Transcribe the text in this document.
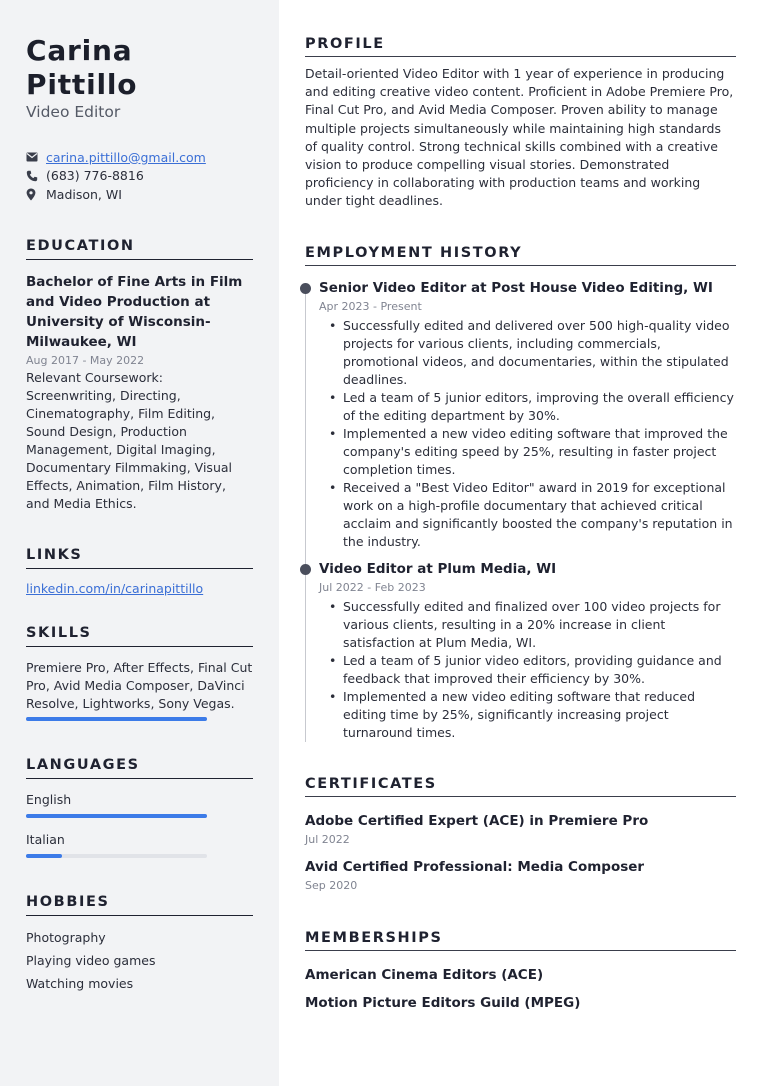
Carina Pittillo
Video Editor
carina.pittillo@gmail.com
(683) 776-8816
Madison, WI
EDUCATION
Bachelor of Fine Arts in Film and Video Production at University of Wisconsin-Milwaukee, WI
Aug 2017 - May 2022
Relevant Coursework: Screenwriting, Directing, Cinematography, Film Editing, Sound Design, Production Management, Digital Imaging, Documentary Filmmaking, Visual Effects, Animation, Film History, and Media Ethics.
LINKS
linkedin.com/in/carinapittillo
SKILLS
Premiere Pro, After Effects, Final Cut Pro, Avid Media Composer, DaVinci Resolve, Lightworks, Sony Vegas.
LANGUAGES
English
Italian
HOBBIES
Photography
Playing video games
Watching movies
PROFILE
Detail-oriented Video Editor with 1 year of experience in producing and editing creative video content. Proficient in Adobe Premiere Pro, Final Cut Pro, and Avid Media Composer. Proven ability to manage multiple projects simultaneously while maintaining high standards of quality control. Strong technical skills combined with a creative vision to produce compelling visual stories. Demonstrated proficiency in collaborating with production teams and working under tight deadlines.
EMPLOYMENT HISTORY
Senior Video Editor at Post House Video Editing, WI
Apr 2023 - Present
• Successfully edited and delivered over 500 high-quality video projects for various clients, including commercials, promotional videos, and documentaries, within the stipulated deadlines.
• Led a team of 5 junior editors, improving the overall efficiency of the editing department by 30%.
• Implemented a new video editing software that improved the company's editing speed by 25%, resulting in faster project completion times.
• Received a "Best Video Editor" award in 2019 for exceptional work on a high-profile documentary that achieved critical acclaim and significantly boosted the company's reputation in the industry.
Video Editor at Plum Media, WI
Jul 2022 - Feb 2023
• Successfully edited and finalized over 100 video projects for various clients, resulting in a 20% increase in client satisfaction at Plum Media, WI.
• Led a team of 5 junior video editors, providing guidance and feedback that improved their efficiency by 30%.
• Implemented a new video editing software that reduced editing time by 25%, significantly increasing project turnaround times.
CERTIFICATES
Adobe Certified Expert (ACE) in Premiere Pro
Jul 2022
Avid Certified Professional: Media Composer
Sep 2020
MEMBERSHIPS
American Cinema Editors (ACE)
Motion Picture Editors Guild (MPEG)
